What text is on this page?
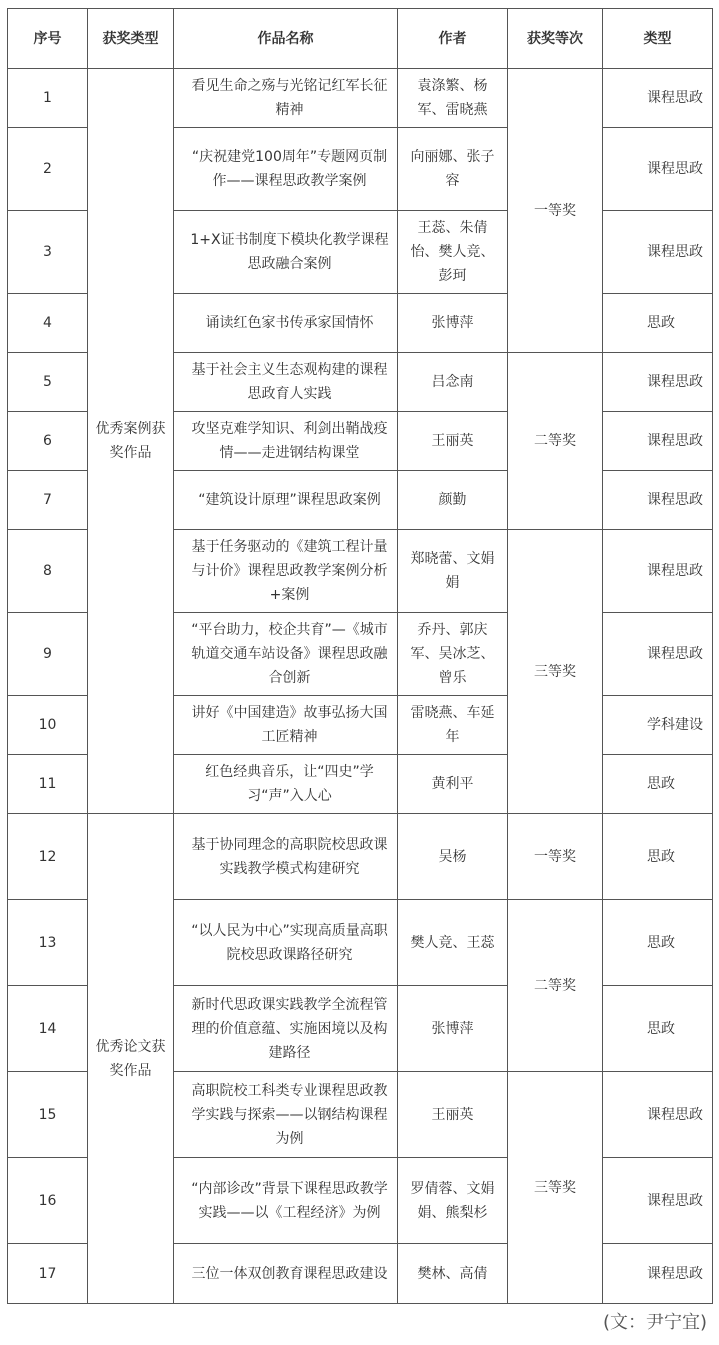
序号	获奖类型	作品名称	作者	获奖等次	类型
1	优秀案例获奖作品	看见生命之殇与光铭记红军长征精神	袁涤繁、杨军、雷晓燕	一等奖	课程思政
2		“庆祝建党100周年”专题网页制作——课程思政教学案例	向丽娜、张子容		课程思政
3		1+X证书制度下模块化教学课程思政融合案例	王蕊、朱倩怡、樊人竞、彭珂		课程思政
4		诵读红色家书传承家国情怀	张博萍		思政
5		基于社会主义生态观构建的课程思政育人实践	吕念南	二等奖	课程思政
6		攻坚克难学知识、利剑出鞘战疫情——走进钢结构课堂	王丽英		课程思政
7		“建筑设计原理”课程思政案例	颜勤		课程思政
8		基于任务驱动的《建筑工程计量与计价》课程思政教学案例分析+案例	郑晓蕾、文娟娟	三等奖	课程思政
9		“平台助力，校企共育”—《城市轨道交通车站设备》课程思政融合创新	乔丹、郭庆军、吴冰芝、曾乐		课程思政
10		讲好《中国建造》故事弘扬大国工匠精神	雷晓燕、车延年		学科建设
11		红色经典音乐，让“四史”学习“声”入人心	黄利平		思政
12	优秀论文获奖作品	基于协同理念的高职院校思政课实践教学模式构建研究	吴杨	一等奖	思政
13		“以人民为中心”实现高质量高职院校思政课路径研究	樊人竞、王蕊	二等奖	思政
14		新时代思政课实践教学全流程管理的价值意蕴、实施困境以及构建路径	张博萍		思政
15		高职院校工科类专业课程思政教学实践与探索——以钢结构课程为例	王丽英	三等奖	课程思政
16		“内部诊改”背景下课程思政教学实践——以《工程经济》为例	罗倩蓉、文娟娟、熊梨杉		课程思政
17		三位一体双创教育课程思政建设	樊林、高倩		课程思政
(文：尹宁宜)
